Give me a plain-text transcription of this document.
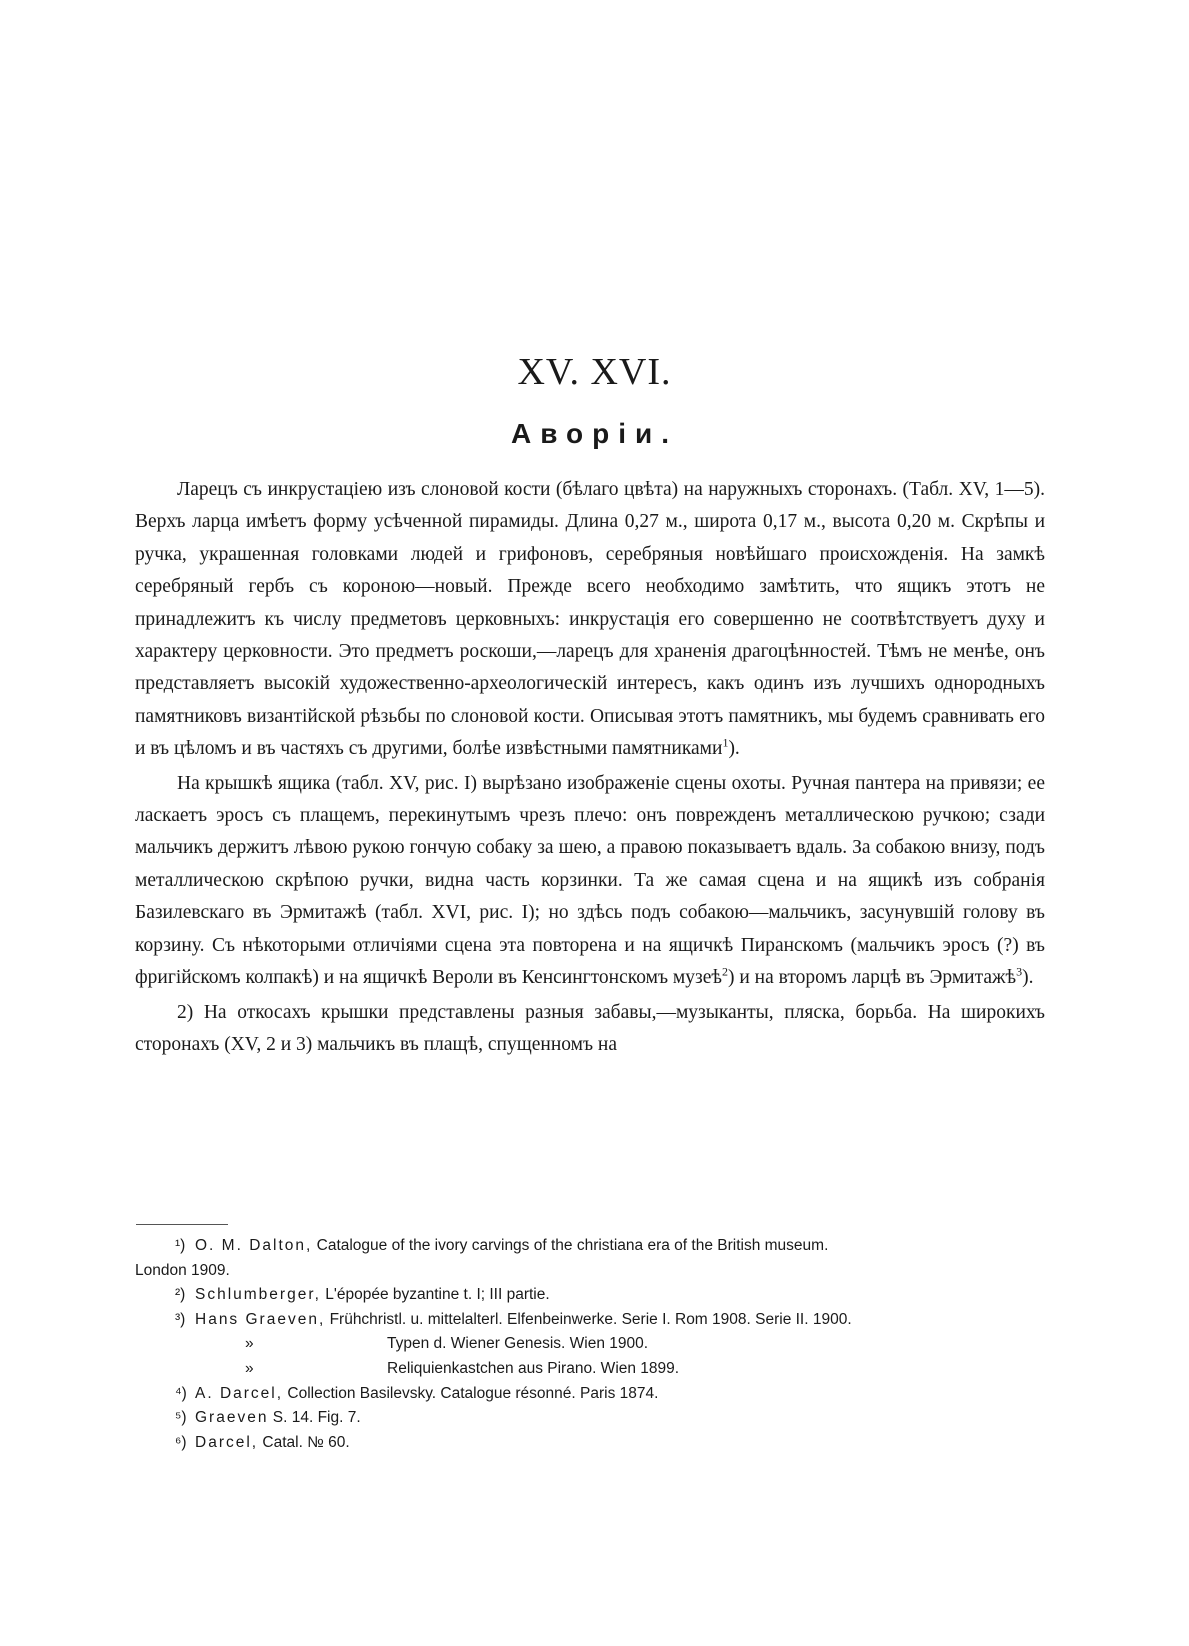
XV. XVI.
Аворіи.

Ларецъ съ инкрустаціею изъ слоновой кости (бѣлаго цвѣта) на наружныхъ сторонахъ. (Табл. XV, 1—5). Верхъ ларца имѣетъ форму усѣченной пирамиды. Длина 0,27 м., широта 0,17 м., высота 0,20 м. Скрѣпы и ручка, украшенная головками людей и грифоновъ, серебряныя новѣйшаго происхожденія. На замкѣ серебряный гербъ съ короною—новый. Прежде всего необходимо замѣтить, что ящикъ этотъ не принадлежитъ къ числу предметовъ церковныхъ: инкрустація его совершенно не соотвѣтствуетъ духу и характеру церковности. Это предметъ роскоши,—ларецъ для храненія драгоцѣнностей. Тѣмъ не менѣе, онъ представляетъ высокій художественно-археологическій интересъ, какъ одинъ изъ лучшихъ однородныхъ памятниковъ византійской рѣзьбы по слоновой кости. Описывая этотъ памятникъ, мы будемъ сравнивать его и въ цѣломъ и въ частяхъ съ другими, болѣе извѣстными памятниками$^1$).

На крышкѣ ящика (табл. XV, рис. I) вырѣзано изображеніе сцены охоты. Ручная пантера на привязи; ее ласкаетъ эросъ съ плащемъ, перекинутымъ чрезъ плечо: онъ поврежденъ металлическою ручкою; сзади мальчикъ держитъ лѣвою рукою гончую собаку за шею, а правою показываетъ вдаль. За собакою внизу, подъ металлическою скрѣпою ручки, видна часть корзинки. Та же самая сцена и на ящикѣ изъ собранія Базилевскаго въ Эрмитажѣ (табл. XVI, рис. I); но здѣсь подъ собакою—мальчикъ, засунувшій голову въ корзину. Съ нѣкоторыми отличіями сцена эта повторена и на ящичкѣ Пиранскомъ (мальчикъ эросъ (?) въ фригійскомъ колпакѣ) и на ящичкѣ Вероли въ Кенсингтонскомъ музеѣ$^2$) и на второмъ ларцѣ въ Эрмитажѣ$^3$).

2) На откосахъ крышки представлены разныя забавы,—музыканты, пляска, борьба. На широкихъ сторонахъ (XV, 2 и 3) мальчикъ въ плащѣ, спущенномъ на

¹) O. M. Dalton, Catalogue of the ivory carvings of the christiana era of the British museum.
London 1909.
²) Schlumberger, L'épopée byzantine t. I; III partie.
³) Hans Graeven, Frühchristl. u. mittelalterl. Elfenbeinwerke. Serie I. Rom 1908. Serie II. 1900.
»	Typen d. Wiener Genesis. Wien 1900.
»	Reliquienkastchen aus Pirano. Wien 1899.
⁴) A. Darcel, Collection Basilevsky. Catalogue résonné. Paris 1874.
⁵) Graeven S. 14. Fig. 7.
⁶) Darcel, Catal. № 60.
